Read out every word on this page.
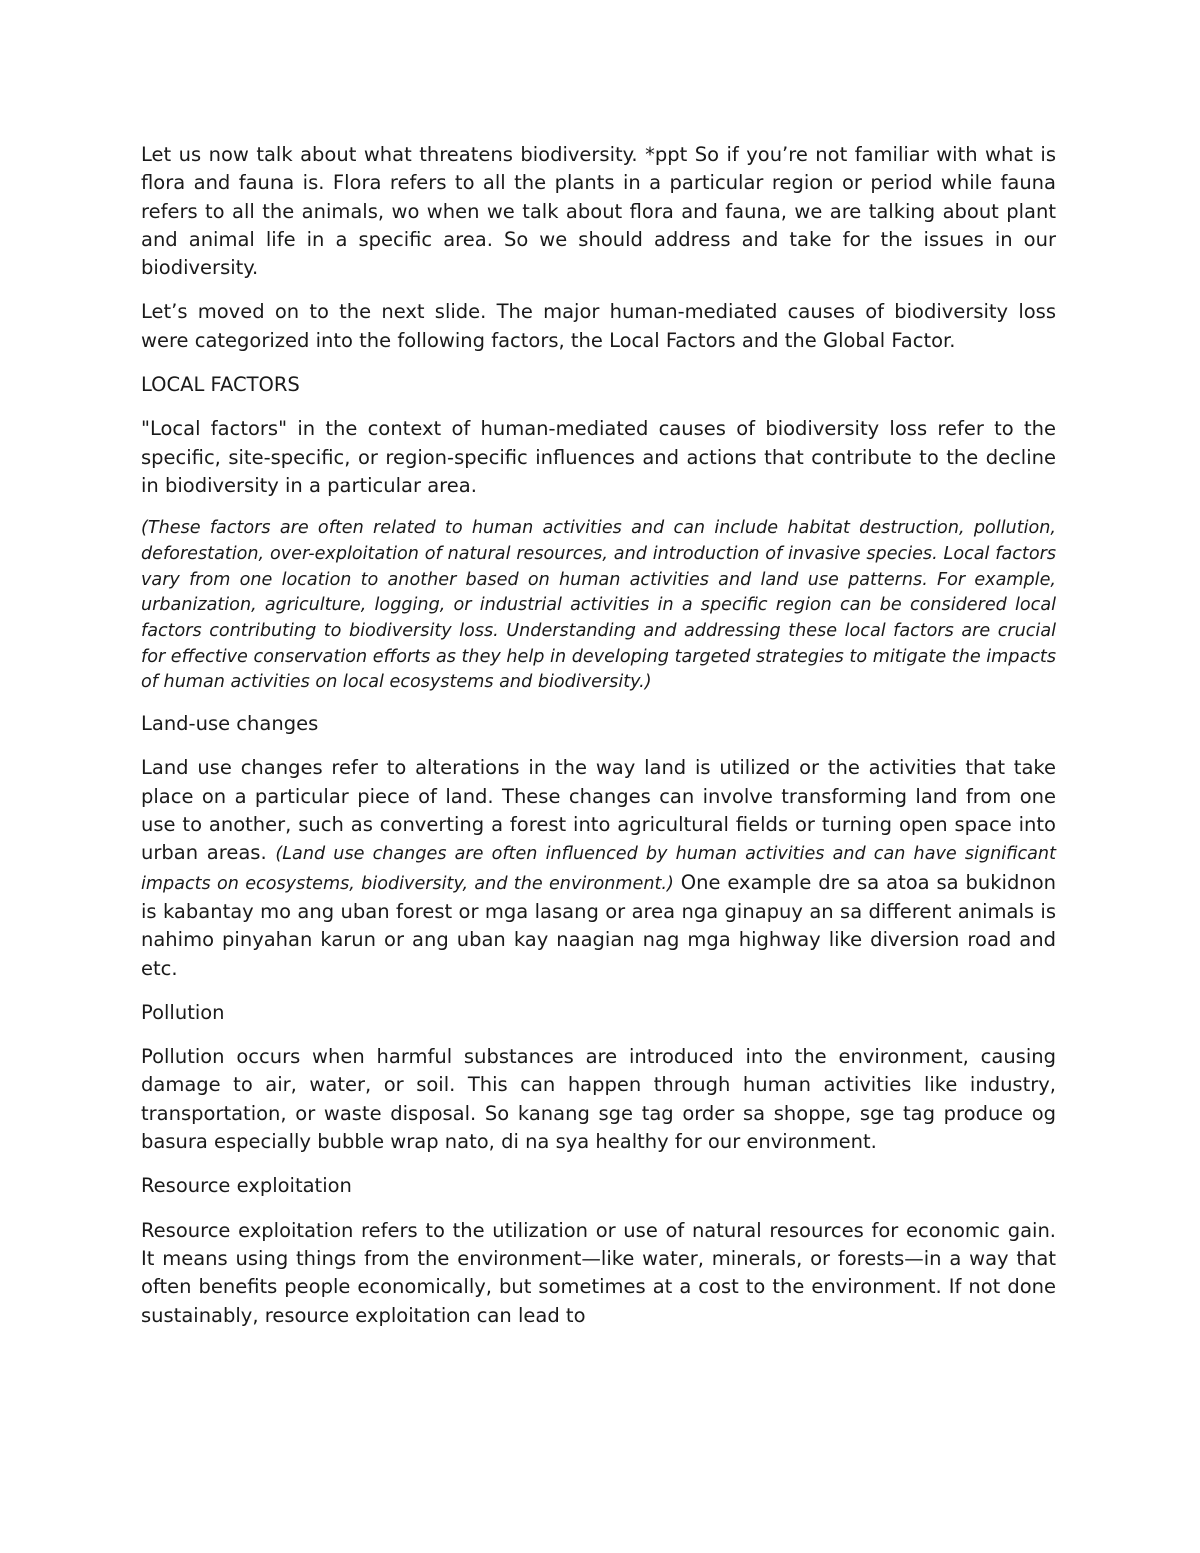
Let us now talk about what threatens biodiversity. *ppt So if you’re not familiar with what is flora and fauna is. Flora refers to all the plants in a particular region or period while fauna refers to all the animals, wo when we talk about flora and fauna, we are talking about plant and animal life in a specific area. So we should address and take for the issues in our biodiversity.

Let’s moved on to the next slide. The major human-mediated causes of biodiversity loss were categorized into the following factors, the Local Factors and the Global Factor.

LOCAL FACTORS

"Local factors" in the context of human-mediated causes of biodiversity loss refer to the specific, site-specific, or region-specific influences and actions that contribute to the decline in biodiversity in a particular area.

(These factors are often related to human activities and can include habitat destruction, pollution, deforestation, over-exploitation of natural resources, and introduction of invasive species. Local factors vary from one location to another based on human activities and land use patterns. For example, urbanization, agriculture, logging, or industrial activities in a specific region can be considered local factors contributing to biodiversity loss. Understanding and addressing these local factors are crucial for effective conservation efforts as they help in developing targeted strategies to mitigate the impacts of human activities on local ecosystems and biodiversity.)

Land-use changes

Land use changes refer to alterations in the way land is utilized or the activities that take place on a particular piece of land. These changes can involve transforming land from one use to another, such as converting a forest into agricultural fields or turning open space into urban areas. (Land use changes are often influenced by human activities and can have significant impacts on ecosystems, biodiversity, and the environment.) One example dre sa atoa sa bukidnon is kabantay mo ang uban forest or mga lasang or area nga ginapuy an sa different animals is nahimo pinyahan karun or ang uban kay naagian nag mga highway like diversion road and etc.

Pollution

Pollution occurs when harmful substances are introduced into the environment, causing damage to air, water, or soil. This can happen through human activities like industry, transportation, or waste disposal. So kanang sge tag order sa shoppe, sge tag produce og basura especially bubble wrap nato, di na sya healthy for our environment.

Resource exploitation

Resource exploitation refers to the utilization or use of natural resources for economic gain. It means using things from the environment—like water, minerals, or forests—in a way that often benefits people economically, but sometimes at a cost to the environment. If not done sustainably, resource exploitation can lead to
